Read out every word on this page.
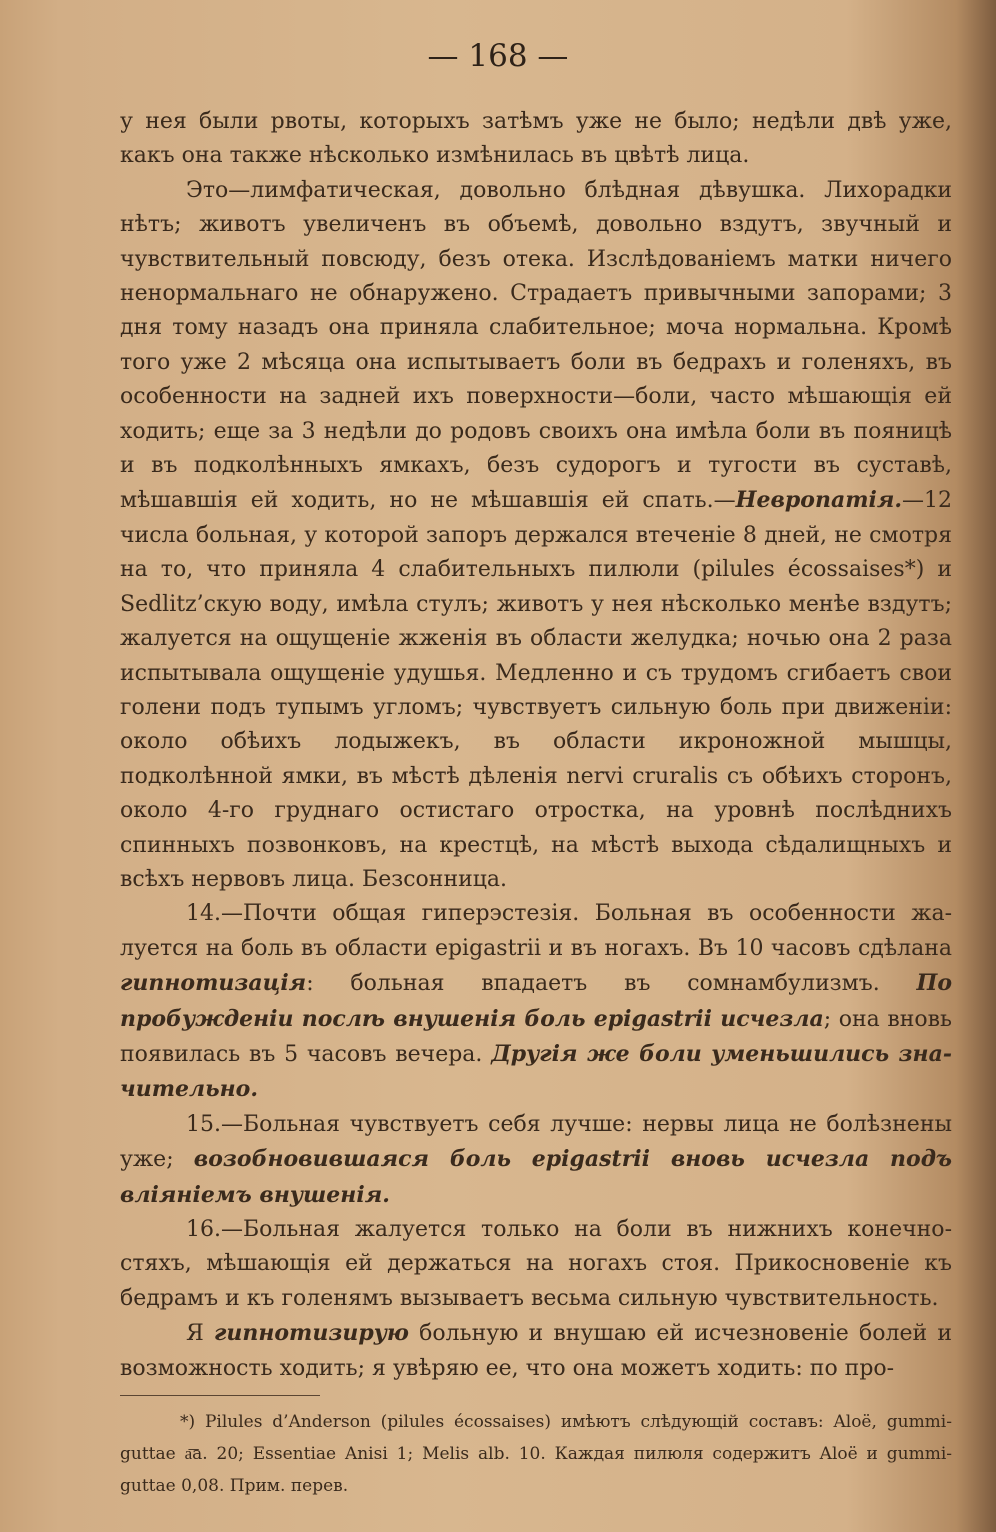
— 168 —

у нея были рвоты, которыхъ затѣмъ уже не было; недѣли двѣ уже, какъ она также нѣсколько измѣнилась въ цвѣтѣ лица.

Это—лимфатическая, довольно блѣдная дѣвушка. Лихорадки нѣтъ; животъ увеличенъ въ объемѣ, довольно вздутъ, звучный и чувствительный повсюду, безъ отека. Изслѣдованіемъ матки ничего ненормальнаго не обнаружено. Страдаетъ привычными запорами; 3 дня тому назадъ она приняла слабительное; моча нормальна. Кромѣ того уже 2 мѣсяца она испытываетъ боли въ бедрахъ и голеняхъ, въ особенности на задней ихъ поверхности—боли, часто мѣшающія ей ходить; еще за 3 недѣли до родовъ своихъ она имѣла боли въ пояницѣ и въ подколѣнныхъ ямкахъ, безъ судорогъ и тугости въ суставѣ, мѣшавшія ей ходить, но не мѣшавшія ей спать.—Невропатія.—12 числа больная, у которой запоръ держался втеченіе 8 дней, не смотря на то, что приняла 4 слабительныхъ пилюли (pilules écossaises*) и Sedlitz’скую воду, имѣла стулъ; животъ у нея нѣсколько менѣе вздутъ; жалуется на ощущеніе жженія въ области желудка; ночью она 2 раза испытывала ощущеніе удушья. Медленно и съ трудомъ сгибаетъ свои голени подъ тупымъ угломъ; чувствуетъ сильную боль при движеніи: около обѣихъ лодыжекъ, въ области икроножной мышцы, подколѣнной ямки, въ мѣстѣ дѣленія nervi cruralis съ обѣихъ сторонъ, около 4-го груднаго остистаго отростка, на уровнѣ послѣднихъ спинныхъ позвонковъ, на крестцѣ, на мѣстѣ выхода сѣдалищныхъ и всѣхъ нервовъ лица. Безсонница.

14.—Почти общая гиперэстезія. Больная въ особенности жалуется на боль въ области epigastrii и въ ногахъ. Въ 10 часовъ сдѣлана гипнотизація: больная впадаетъ въ сомнамбулизмъ. По пробужденіи послѣ внушенія боль epigastrii исчезла; она вновь появилась въ 5 часовъ вечера. Другія же боли уменьшились значительно.

15.—Больная чувствуетъ себя лучше: нервы лица не болѣзнены уже; возобновившаяся боль epigastrii вновь исчезла подъ вліяніемъ внушенія.

16.—Больная жалуется только на боли въ нижнихъ конечностяхъ, мѣшающія ей держаться на ногахъ стоя. Прикосновеніе къ бедрамъ и къ голенямъ вызываетъ весьма сильную чувствительность.

Я гипнотизирую больную и внушаю ей исчезновеніе болей и возможность ходить; я увѣряю ее, что она можетъ ходить: по про-

*) Pilules d’Anderson (pilules écossaises) имѣютъ слѣдующій составъ: Aloë, gummi-guttae a͞a. 20; Essentiae Anisi 1; Melis alb. 10. Каждая пилюля содержитъ Aloë и gummi-guttae 0,08. Прим. перев.
